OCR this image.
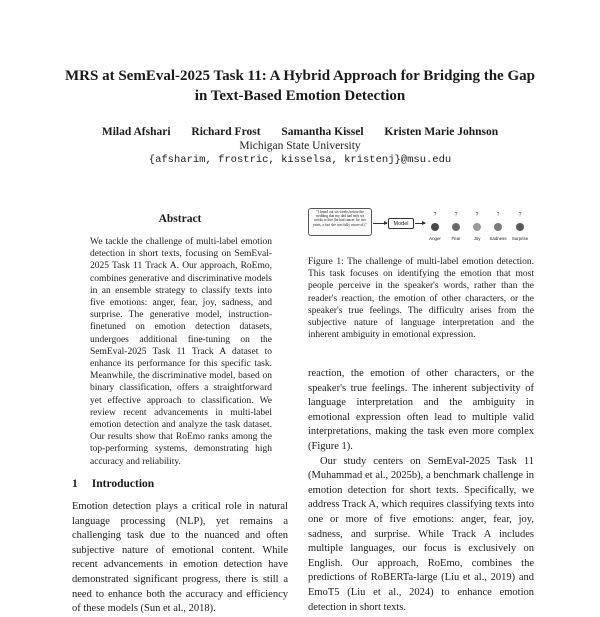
MRS at SemEval-2025 Task 11: A Hybrid Approach for Bridging the Gap
in Text-Based Emotion Detection
Milad Afshari Richard Frost Samantha Kissel Kristen Marie Johnson
Michigan State University
{afsharim, frostric, kisselsa, kristenj}@msu.edu
Abstract
We tackle the challenge of multi-label emotion detection in short texts, focusing on SemEval-2025 Task 11 Track A. Our approach, RoEmo, combines generative and discriminative models in an ensemble strategy to classify texts into five emotions: anger, fear, joy, sadness, and surprise. The generative model, instruction-finetuned on emotion detection datasets, undergoes additional fine-tuning on the SemEval-2025 Task 11 Track A dataset to enhance its performance for this specific task. Meanwhile, the discriminative model, based on binary classification, offers a straightforward yet effective approach to classification. We review recent advancements in multi-label emotion detection and analyze the task dataset. Our results show that RoEmo ranks among the top-performing systems, demonstrating high accuracy and reliability.
1 Introduction
Emotion detection plays a critical role in natural language processing (NLP), yet remains a challenging task due to the nuanced and often subjective nature of emotional content. While recent advancements in emotion detection have demonstrated significant progress, there is still a need to enhance both the accuracy and efficiency of these models (Sun et al., 2018).
"I found out six weeks before the wedding that my dad had only six weeks to live (he had cancer for two years, a fact she was fully aware of)."	Model
?
Anger
?
Fear
?
Joy
?
Sadness
?
Surprise
Figure 1: The challenge of multi-label emotion detection. This task focuses on identifying the emotion that most people perceive in the speaker's words, rather than the reader's reaction, the emotion of other characters, or the speaker's true feelings. The difficulty arises from the subjective nature of language interpretation and the inherent ambiguity in emotional expression.

reaction, the emotion of other characters, or the speaker's true feelings. The inherent subjectivity of language interpretation and the ambiguity in emotional expression often lead to multiple valid interpretations, making the task even more complex (Figure 1).

Our study centers on SemEval-2025 Task 11 (Muhammad et al., 2025b), a benchmark challenge in emotion detection for short texts. Specifically, we address Track A, which requires classifying texts into one or more of five emotions: anger, fear, joy, sadness, and surprise. While Track A includes multiple languages, our focus is exclusively on English. Our approach, RoEmo, combines the predictions of RoBERTa-large (Liu et al., 2019) and EmoT5 (Liu et al., 2024) to enhance emotion detection in short texts.
